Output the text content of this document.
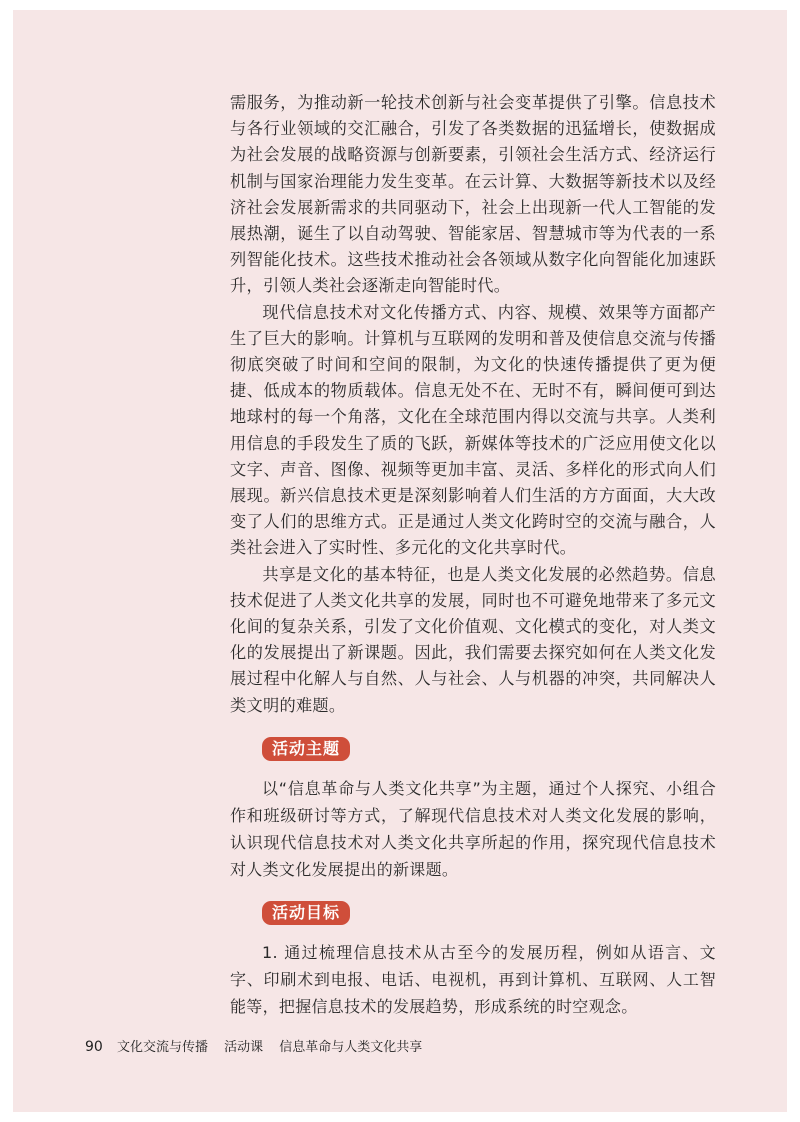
需服务，为推动新一轮技术创新与社会变革提供了引擎。信息技术与各行业领域的交汇融合，引发了各类数据的迅猛增长，使数据成为社会发展的战略资源与创新要素，引领社会生活方式、经济运行机制与国家治理能力发生变革。在云计算、大数据等新技术以及经济社会发展新需求的共同驱动下，社会上出现新一代人工智能的发展热潮，诞生了以自动驾驶、智能家居、智慧城市等为代表的一系列智能化技术。这些技术推动社会各领域从数字化向智能化加速跃升，引领人类社会逐渐走向智能时代。

现代信息技术对文化传播方式、内容、规模、效果等方面都产生了巨大的影响。计算机与互联网的发明和普及使信息交流与传播彻底突破了时间和空间的限制，为文化的快速传播提供了更为便捷、低成本的物质载体。信息无处不在、无时不有，瞬间便可到达地球村的每一个角落，文化在全球范围内得以交流与共享。人类利用信息的手段发生了质的飞跃，新媒体等技术的广泛应用使文化以文字、声音、图像、视频等更加丰富、灵活、多样化的形式向人们展现。新兴信息技术更是深刻影响着人们生活的方方面面，大大改变了人们的思维方式。正是通过人类文化跨时空的交流与融合，人类社会进入了实时性、多元化的文化共享时代。

共享是文化的基本特征，也是人类文化发展的必然趋势。信息技术促进了人类文化共享的发展，同时也不可避免地带来了多元文化间的复杂关系，引发了文化价值观、文化模式的变化，对人类文化的发展提出了新课题。因此，我们需要去探究如何在人类文化发展过程中化解人与自然、人与社会、人与机器的冲突，共同解决人类文明的难题。

活动主题

以“信息革命与人类文化共享”为主题，通过个人探究、小组合作和班级研讨等方式，了解现代信息技术对人类文化发展的影响，认识现代信息技术对人类文化共享所起的作用，探究现代信息技术对人类文化发展提出的新课题。

活动目标

1. 通过梳理信息技术从古至今的发展历程，例如从语言、文字、印刷术到电报、电话、电视机，再到计算机、互联网、人工智能等，把握信息技术的发展趋势，形成系统的时空观念。

90 文化交流与传播 活动课 信息革命与人类文化共享
